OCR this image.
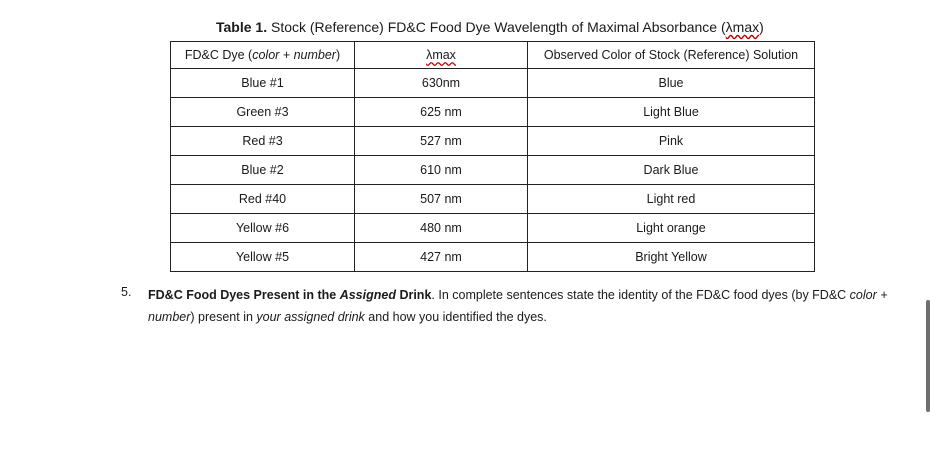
Table 1. Stock (Reference) FD&C Food Dye Wavelength of Maximal Absorbance (λmax)
FD&C Dye (color + number)	λmax	Observed Color of Stock (Reference) Solution
Blue #1	630nm	Blue
Green #3	625 nm	Light Blue
Red #3	527 nm	Pink
Blue #2	610 nm	Dark Blue
Red #40	507 nm	Light red
Yellow #6	480 nm	Light orange
Yellow #5	427 nm	Bright Yellow
5. FD&C Food Dyes Present in the Assigned Drink. In complete sentences state the identity of the FD&C food dyes (by FD&C color + number) present in your assigned drink and how you identified the dyes.
